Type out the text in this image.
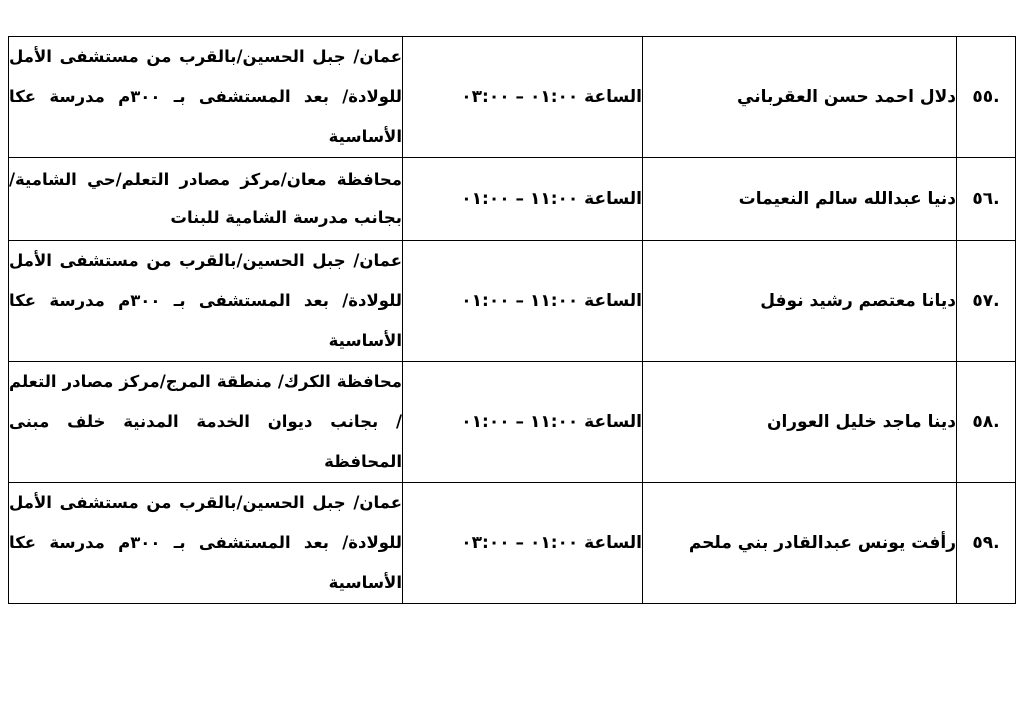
.٥٥	دلال احمد حسن العقرباني	الساعة ٠١:٠٠ – ٠٣:٠٠	عمان/ جبل الحسين/بالقرب من مستشفى الأمل للولادة/ بعد المستشفى بـ ٣٠٠م مدرسة عكا الأساسية
.٥٦	دنيا عبدالله سالم النعيمات	الساعة ١١:٠٠ – ٠١:٠٠	محافظة معان/مركز مصادر التعلم/حي الشامية/ بجانب مدرسة الشامية للبنات
.٥٧	ديانا معتصم رشيد نوفل	الساعة ١١:٠٠ – ٠١:٠٠	عمان/ جبل الحسين/بالقرب من مستشفى الأمل للولادة/ بعد المستشفى بـ ٣٠٠م مدرسة عكا الأساسية
.٥٨	دينا ماجد خليل العوران	الساعة ١١:٠٠ – ٠١:٠٠	محافظة الكرك/ منطقة المرج/مركز مصادر التعلم / بجانب ديوان الخدمة المدنية خلف مبنى المحافظة
.٥٩	رأفت يونس عبدالقادر بني ملحم	الساعة ٠١:٠٠ – ٠٣:٠٠	عمان/ جبل الحسين/بالقرب من مستشفى الأمل للولادة/ بعد المستشفى بـ ٣٠٠م مدرسة عكا الأساسية
